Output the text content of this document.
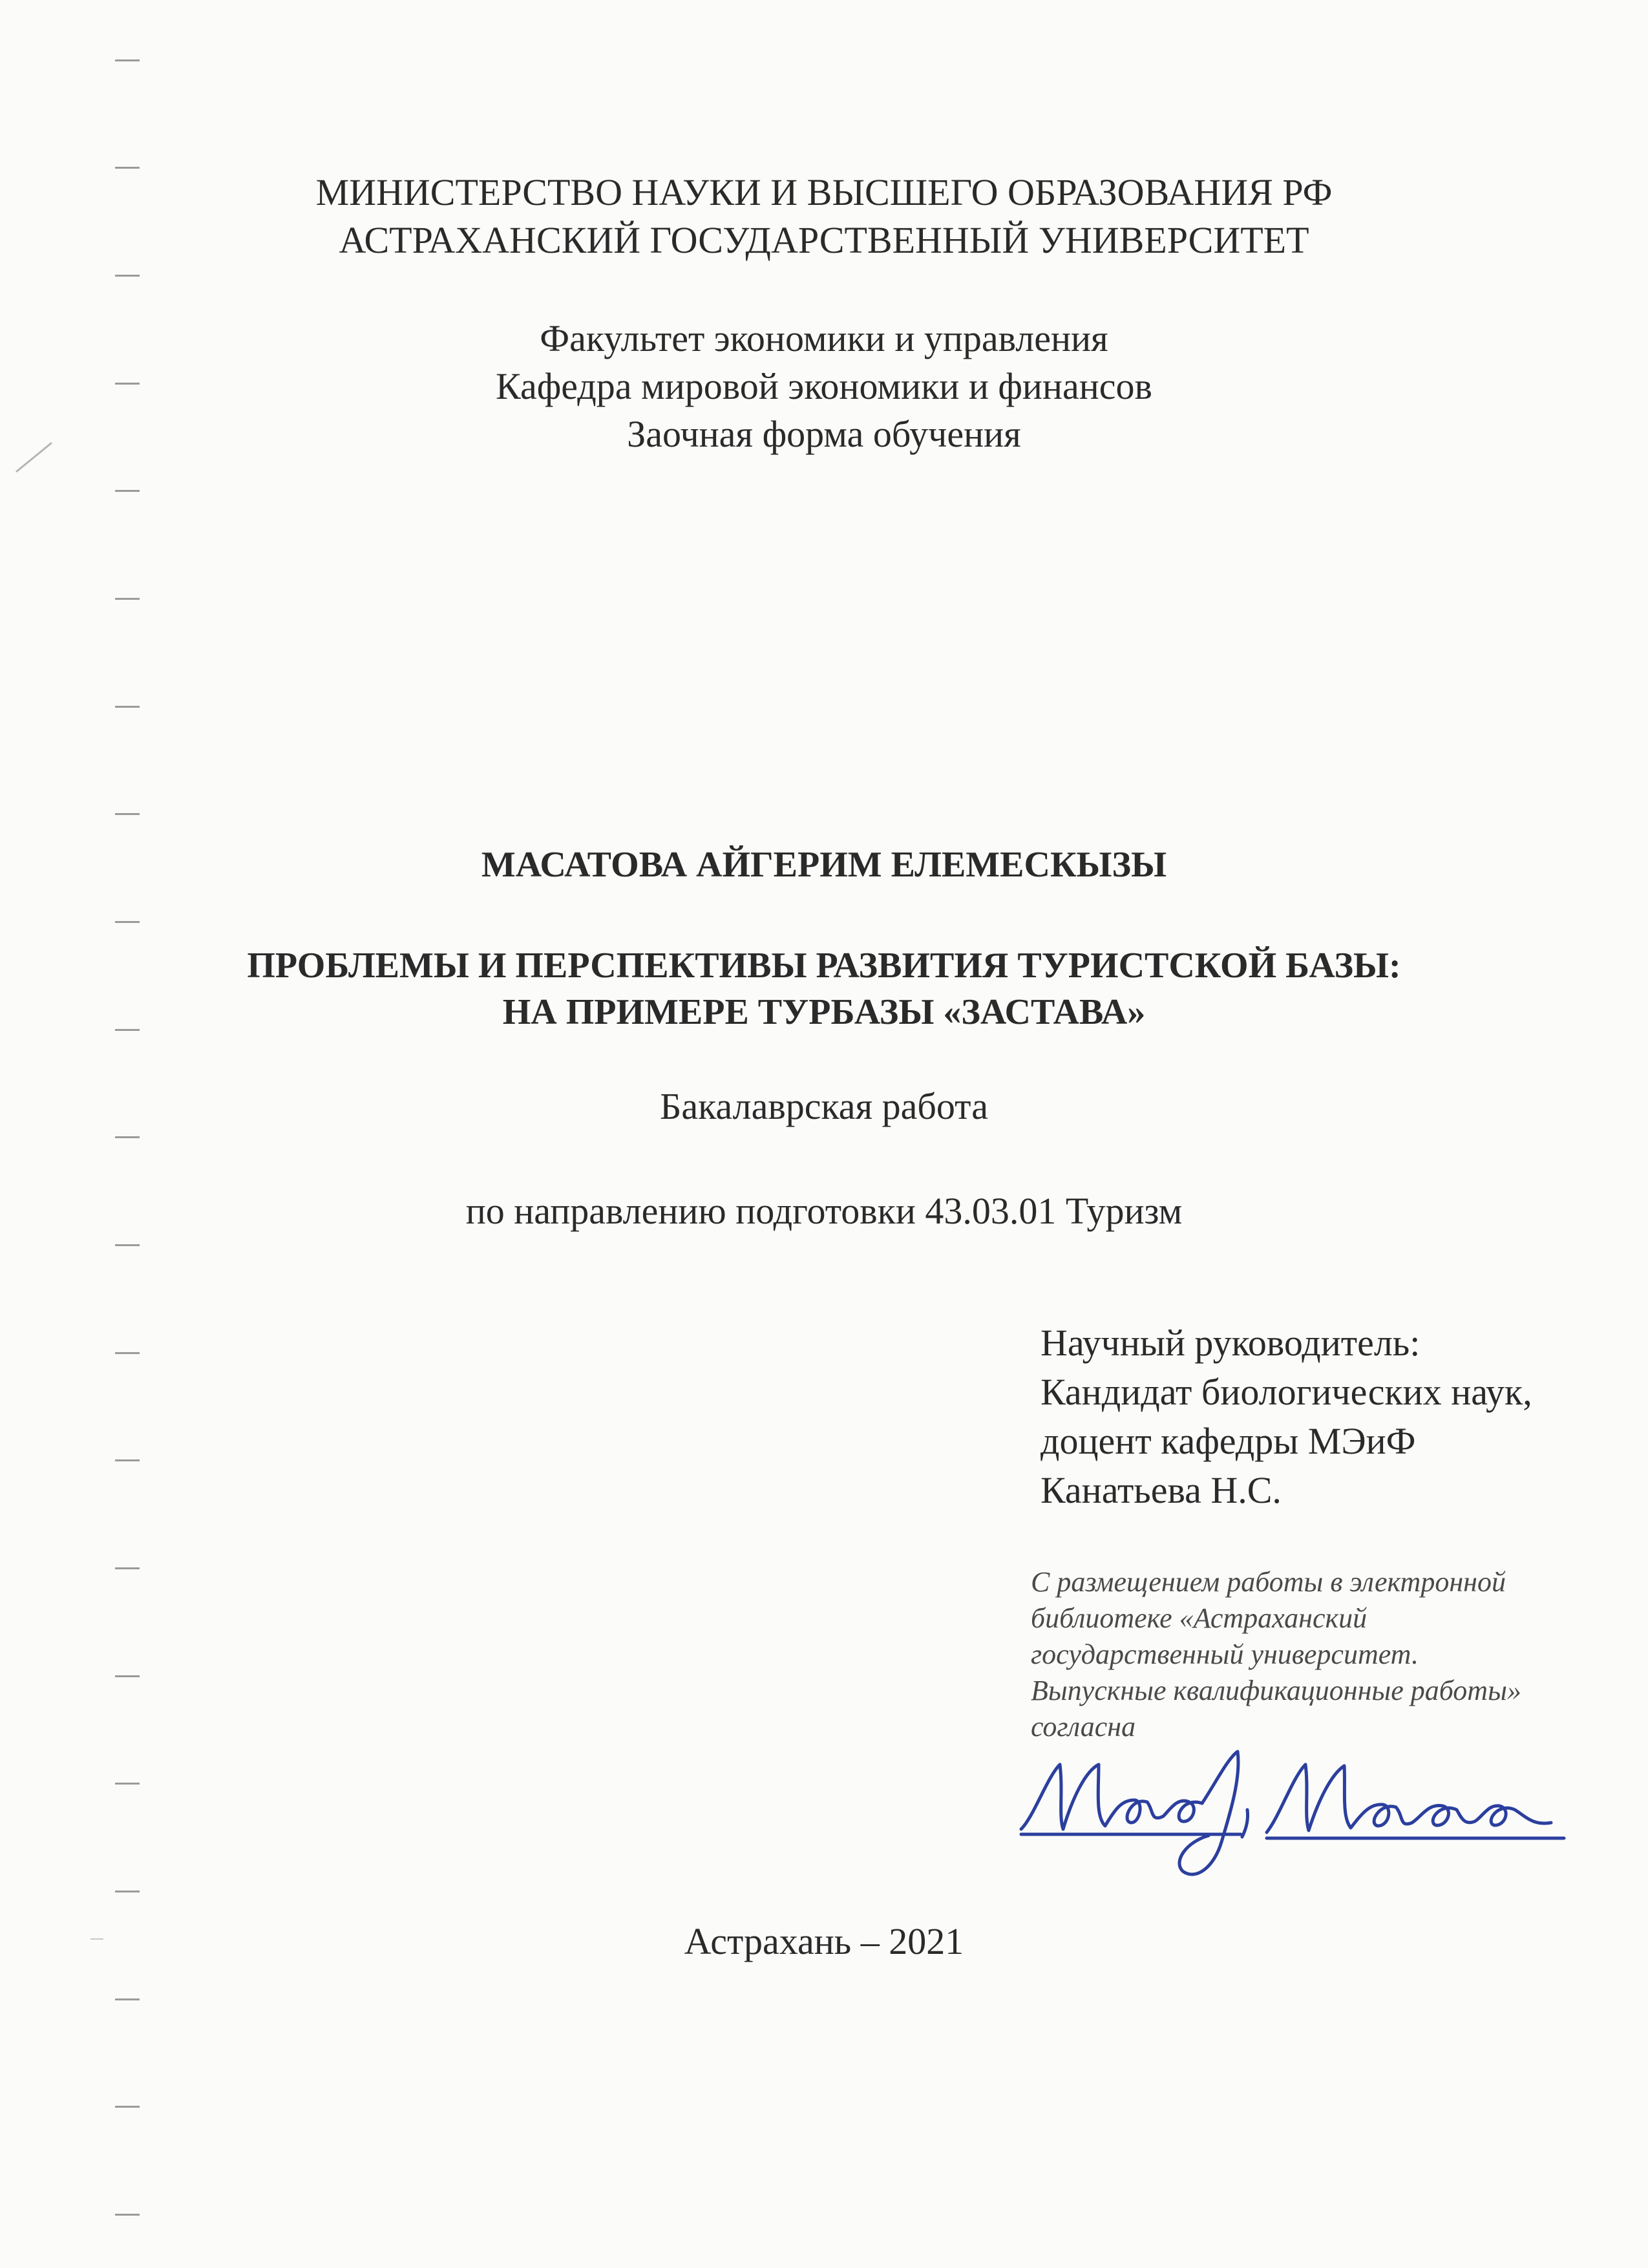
МИНИСТЕРСТВО НАУКИ И ВЫСШЕГО ОБРАЗОВАНИЯ РФ
АСТРАХАНСКИЙ ГОСУДАРСТВЕННЫЙ УНИВЕРСИТЕТ
Факультет экономики и управления
Кафедра мировой экономики и финансов
Заочная форма обучения
МАСАТОВА АЙГЕРИМ ЕЛЕМЕСКЫЗЫ
ПРОБЛЕМЫ И ПЕРСПЕКТИВЫ РАЗВИТИЯ ТУРИСТСКОЙ БАЗЫ:
НА ПРИМЕРЕ ТУРБАЗЫ «ЗАСТАВА»
Бакалаврская работа
по направлению подготовки 43.03.01 Туризм
Научный руководитель:
Кандидат биологических наук,
доцент кафедры МЭиФ
Канатьева Н.С.
С размещением работы в электронной
библиотеке «Астраханский
государственный университет.
Выпускные квалификационные работы»
согласна
Астрахань – 2021
